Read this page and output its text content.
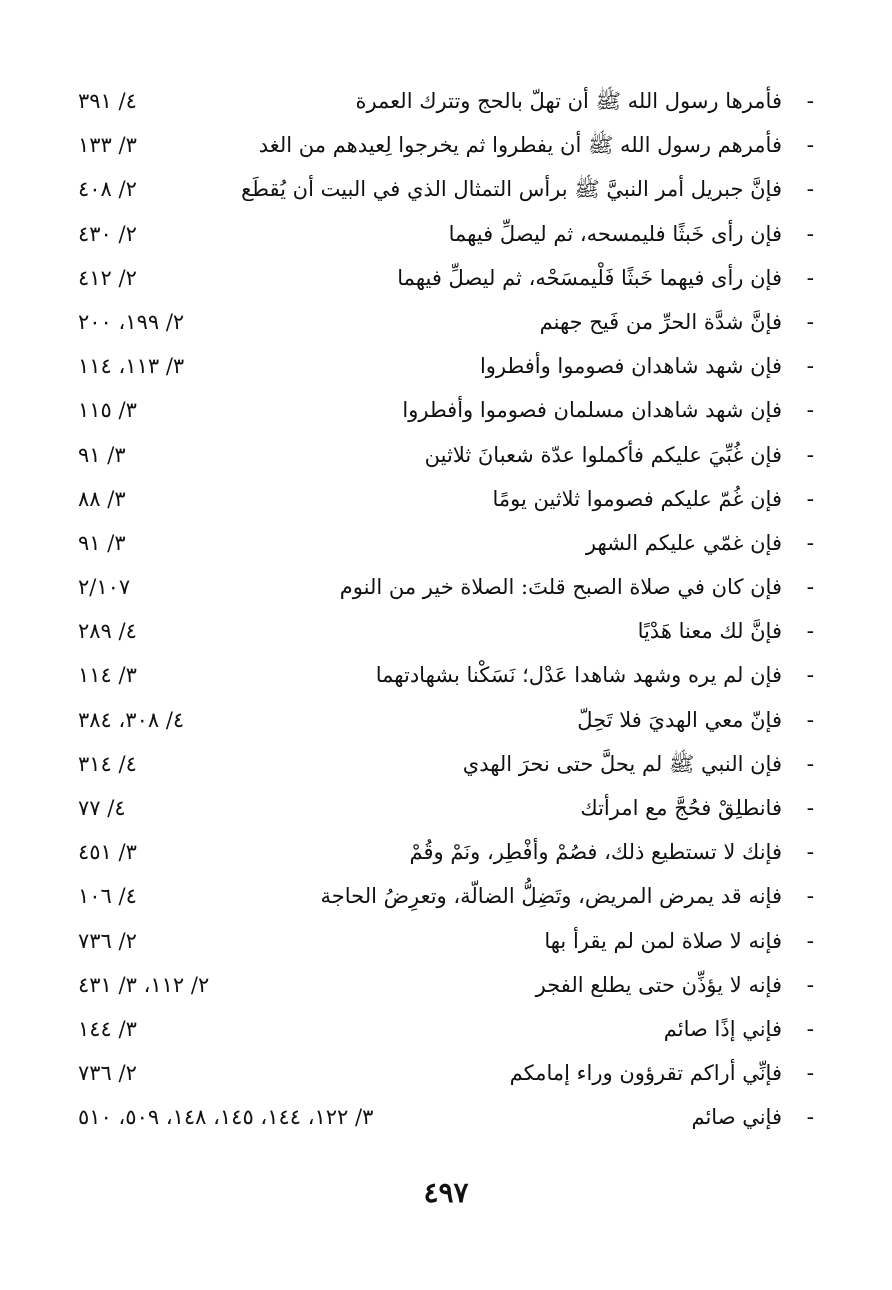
-
فأمرها رسول الله ﷺ أن تهلّ بالحج وتترك العمرة
٤/ ٣٩١
-
فأمرهم رسول الله ﷺ أن يفطروا ثم يخرجوا لِعيدهم من الغد
٣/ ١٣٣
-
فإنَّ جبريل أمر النبيَّ ﷺ برأس التمثال الذي في البيت أن يُقطَع
٢/ ٤٠٨
-
فإن رأى خَبثًا فليمسحه، ثم ليصلِّ فيهما
٢/ ٤٣٠
-
فإن رأى فيهما خَبثًا فَلْيمسَحْه، ثم ليصلِّ فيهما
٢/ ٤١٢
-
فإنَّ شدَّة الحرِّ من فَيح جهنم
٢/ ١٩٩، ٢٠٠
-
فإن شهد شاهدان فصوموا وأفطروا
٣/ ١١٣، ١١٤
-
فإن شهد شاهدان مسلمان فصوموا وأفطروا
٣/ ١١٥
-
فإن غُبِّيَ عليكم فأكملوا عدّة شعبانَ ثلاثين
٣/ ٩١
-
فإن غُمّ عليكم فصوموا ثلاثين يومًا
٣/ ٨٨
-
فإن غمّي عليكم الشهر
٣/ ٩١
-
فإن كان في صلاة الصبح قلتَ: الصلاة خير من النوم
٢/١٠٧
-
فإنَّ لك معنا هَدْيًا
٤/ ٢٨٩
-
فإن لم يره وشهد شاهدا عَدْل؛ نَسَكْنا بشهادتهما
٣/ ١١٤
-
فإنّ معي الهديَ فلا تَحِلّ
٤/ ٣٠٨، ٣٨٤
-
فإن النبي ﷺ لم يحلَّ حتى نحرَ الهدي
٤/ ٣١٤
-
فانطلِقْ فحُجَّ مع امرأتك
٤/ ٧٧
-
فإنك لا تستطيع ذلك، فصُمْ وأفْطِر، ونَمْ وقُمْ
٣/ ٤٥١
-
فإنه قد يمرض المريض، وتَضِلُّ الضالّة، وتعرِضُ الحاجة
٤/ ١٠٦
-
فإنه لا صلاة لمن لم يقرأ بها
٢/ ٧٣٦
-
فإنه لا يؤذِّن حتى يطلع الفجر
٢/ ١١٢، ٣/ ٤٣١
-
فإني إذًا صائم
٣/ ١٤٤
-
فإنِّي أراكم تقرؤون وراء إمامكم
٢/ ٧٣٦
-
فإني صائم
٣/ ١٢٢، ١٤٤، ١٤٥، ١٤٨، ٥٠٩، ٥١٠
٤٩٧
